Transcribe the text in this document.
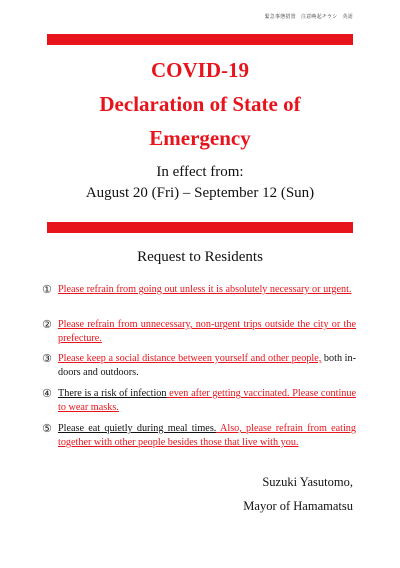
緊急事態措置　注意喚起チラシ　英語
COVID-19
Declaration of State of
Emergency
In effect from:
August 20 (Fri) – September 12 (Sun)
Request to Residents
① Please refrain from going out unless it is absolutely necessary or urgent.
② Please refrain from unnecessary, non-urgent trips outside the city or the prefecture.
③ Please keep a social distance between yourself and other people, both in-doors and outdoors.
④ There is a risk of infection even after getting vaccinated. Please continue to wear masks.
⑤ Please eat quietly during meal times. Also, please refrain from eating together with other people besides those that live with you.
Suzuki Yasutomo,
Mayor of Hamamatsu
